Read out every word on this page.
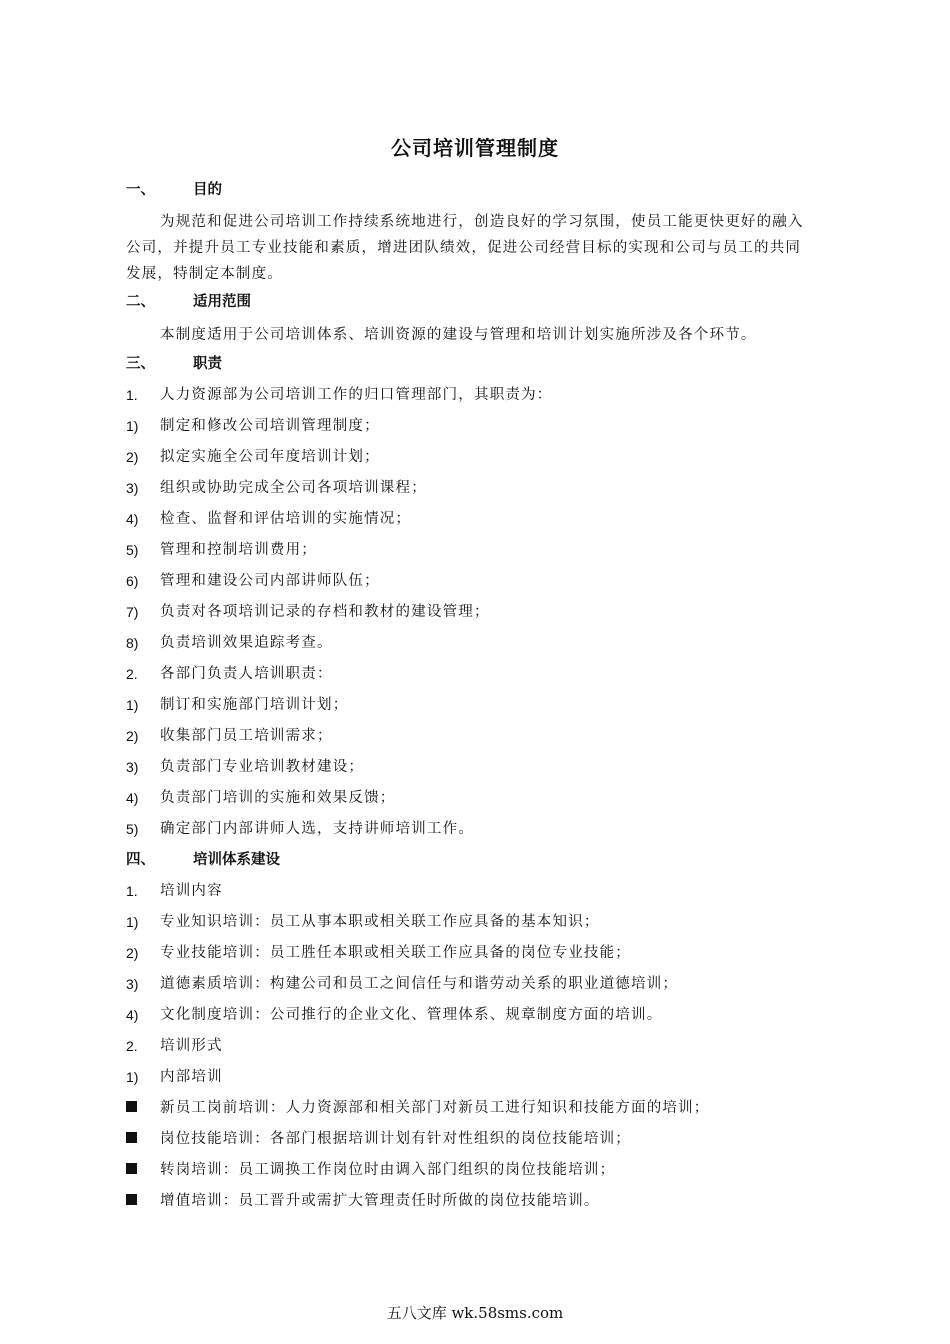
公司培训管理制度
一、	目的
为规范和促进公司培训工作持续系统地进行，创造良好的学习氛围，使员工能更快更好的融入
公司，并提升员工专业技能和素质，增进团队绩效，促进公司经营目标的实现和公司与员工的共同
发展，特制定本制度。
二、	适用范围
本制度适用于公司培训体系、培训资源的建设与管理和培训计划实施所涉及各个环节。
三、	职责
1. 人力资源部为公司培训工作的归口管理部门，其职责为：
1) 制定和修改公司培训管理制度；
2) 拟定实施全公司年度培训计划；
3) 组织或协助完成全公司各项培训课程；
4) 检查、监督和评估培训的实施情况；
5) 管理和控制培训费用；
6) 管理和建设公司内部讲师队伍；
7) 负责对各项培训记录的存档和教材的建设管理；
8) 负责培训效果追踪考查。
2. 各部门负责人培训职责：
1) 制订和实施部门培训计划；
2) 收集部门员工培训需求；
3) 负责部门专业培训教材建设；
4) 负责部门培训的实施和效果反馈；
5) 确定部门内部讲师人选，支持讲师培训工作。
四、	培训体系建设
1. 培训内容
1) 专业知识培训：员工从事本职或相关联工作应具备的基本知识；
2) 专业技能培训：员工胜任本职或相关联工作应具备的岗位专业技能；
3) 道德素质培训：构建公司和员工之间信任与和谐劳动关系的职业道德培训；
4) 文化制度培训：公司推行的企业文化、管理体系、规章制度方面的培训。
2. 培训形式
1) 内部培训
新员工岗前培训：人力资源部和相关部门对新员工进行知识和技能方面的培训；
岗位技能培训：各部门根据培训计划有针对性组织的岗位技能培训；
转岗培训：员工调换工作岗位时由调入部门组织的岗位技能培训；
增值培训：员工晋升或需扩大管理责任时所做的岗位技能培训。
五八文库 wk.58sms.com
